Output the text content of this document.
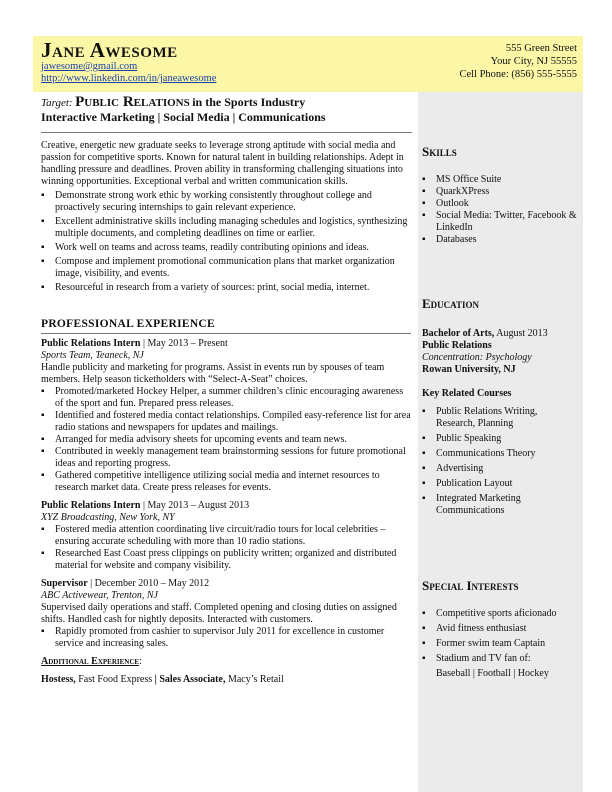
Jane Awesome
jawesome@gmail.com
http://www.linkedin.com/in/janeawesome
555 Green Street
Your City, NJ 55555
Cell Phone: (856) 555-5555
Target: Public Relations in the Sports Industry
Interactive Marketing | Social Media | Communications
Creative, energetic new graduate seeks to leverage strong aptitude with social media and passion for competitive sports. Known for natural talent in building relationships. Adept in handling pressure and deadlines. Proven ability in transforming challenging situations into winning opportunities. Exceptional verbal and written communication skills.
▪ Demonstrate strong work ethic by working consistently throughout college and proactively securing internships to gain relevant experience.
▪ Excellent administrative skills including managing schedules and logistics, synthesizing multiple documents, and completing deadlines on time or earlier.
▪ Work well on teams and across teams, readily contributing opinions and ideas.
▪ Compose and implement promotional communication plans that market organization image, visibility, and events.
▪ Resourceful in research from a variety of sources: print, social media, internet.
PROFESSIONAL EXPERIENCE
Public Relations Intern | May 2013 – Present
Sports Team, Teaneck, NJ
Handle publicity and marketing for programs. Assist in events run by spouses of team members. Help season ticketholders with “Select-A-Seat” choices.
▪ Promoted/marketed Hockey Helper, a summer children’s clinic encouraging awareness of the sport and fun. Prepared press releases.
▪ Identified and fostered media contact relationships. Compiled easy-reference list for area radio stations and newspapers for updates and mailings.
▪ Arranged for media advisory sheets for upcoming events and team news.
▪ Contributed in weekly management team brainstorming sessions for future promotional ideas and reporting progress.
▪ Gathered competitive intelligence utilizing social media and internet resources to research market data. Create press releases for events.
Public Relations Intern | May 2013 – August 2013
XYZ Broadcasting, New York, NY
▪ Fostered media attention coordinating live circuit/radio tours for local celebrities – ensuring accurate scheduling with more than 10 radio stations.
▪ Researched East Coast press clippings on publicity written; organized and distributed material for website and company visibility.
Supervisor | December 2010 – May 2012
ABC Activewear, Trenton, NJ
Supervised daily operations and staff. Completed opening and closing duties on assigned shifts. Handled cash for nightly deposits. Interacted with customers.
▪ Rapidly promoted from cashier to supervisor July 2011 for excellence in customer service and increasing sales.
Additional Experience:
Hostess, Fast Food Express | Sales Associate, Macy’s Retail
Skills
▪ MS Office Suite
▪ QuarkXPress
▪ Outlook
▪ Social Media: Twitter, Facebook & LinkedIn
▪ Databases
Education
Bachelor of Arts, August 2013
Public Relations
Concentration: Psychology
Rowan University, NJ
Key Related Courses
▪ Public Relations Writing, Research, Planning
▪ Public Speaking
▪ Communications Theory
▪ Advertising
▪ Publication Layout
▪ Integrated Marketing Communications
Special Interests
▪ Competitive sports aficionado
▪ Avid fitness enthusiast
▪ Former swim team Captain
▪ Stadium and TV fan of:
Baseball | Football | Hockey
